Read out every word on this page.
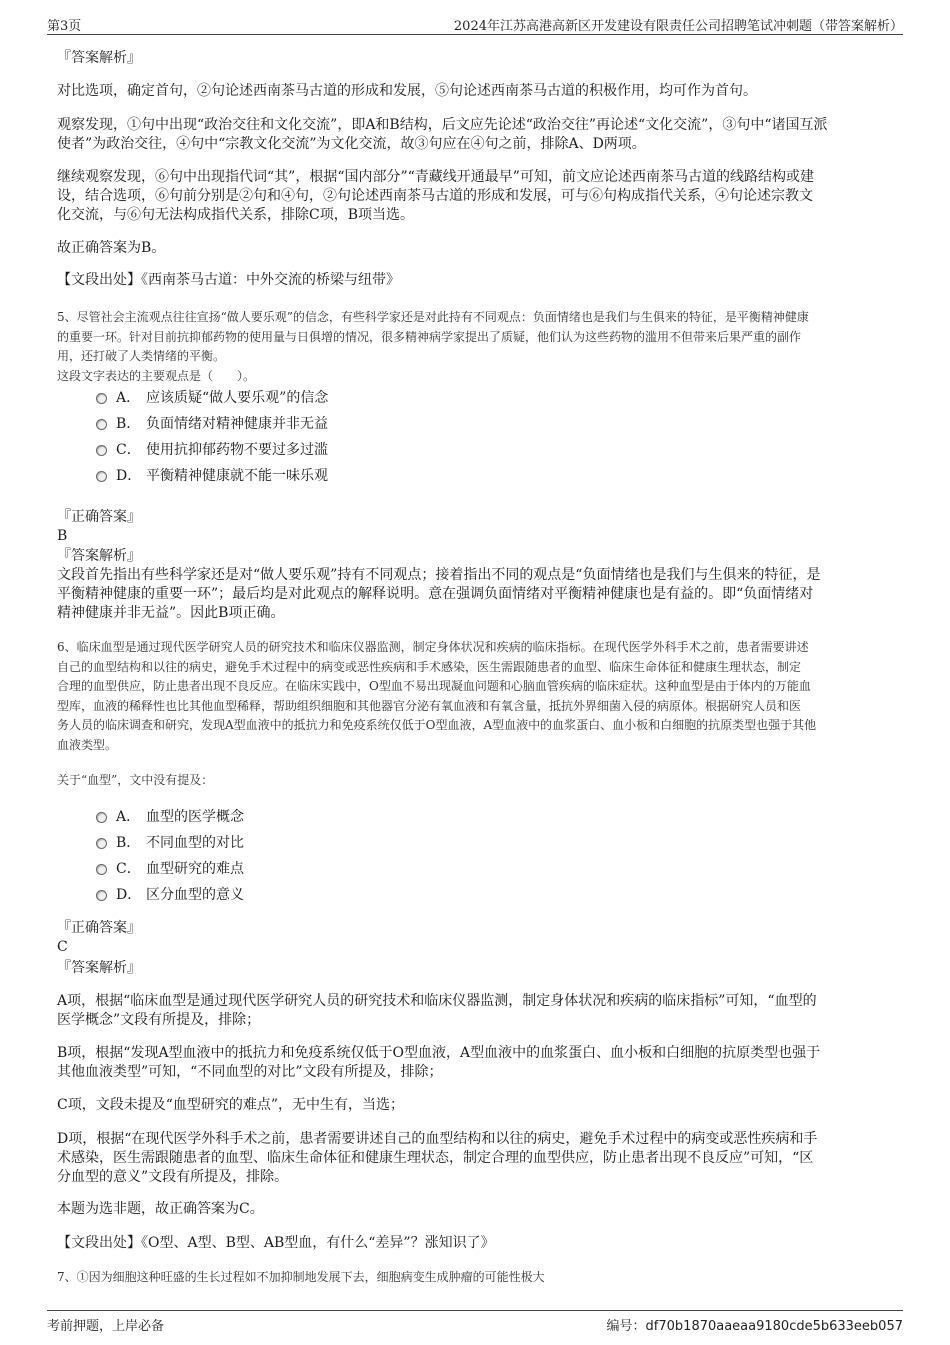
第3页	2024年江苏高港高新区开发建设有限责任公司招聘笔试冲刺题（带答案解析）
『答案解析』
对比选项，确定首句，②句论述西南茶马古道的形成和发展，⑤句论述西南茶马古道的积极作用，均可作为首句。
观察发现，①句中出现“政治交往和文化交流”，即A和B结构，后文应先论述“政治交往”再论述“文化交流”，③句中“诸国互派
使者”为政治交往，④句中“宗教文化交流”为文化交流，故③句应在④句之前，排除A、D两项。
继续观察发现，⑥句中出现指代词“其”，根据“国内部分”“青藏线开通最早”可知，前文应论述西南茶马古道的线路结构或建
设，结合选项，⑥句前分别是②句和④句，②句论述西南茶马古道的形成和发展，可与⑥句构成指代关系，④句论述宗教文
化交流，与⑥句无法构成指代关系，排除C项，B项当选。
故正确答案为B。
【文段出处】《西南茶马古道：中外交流的桥梁与纽带》
5、尽管社会主流观点往往宣扬“做人要乐观”的信念，有些科学家还是对此持有不同观点：负面情绪也是我们与生俱来的特征，是平衡精神健康
的重要一环。针对目前抗抑郁药物的使用量与日俱增的情况，很多精神病学家提出了质疑，他们认为这些药物的滥用不但带来后果严重的副作
用，还打破了人类情绪的平衡。
这段文字表达的主要观点是（　　）。
A． 应该质疑“做人要乐观”的信念
B． 负面情绪对精神健康并非无益
C． 使用抗抑郁药物不要过多过滥
D． 平衡精神健康就不能一味乐观
『正确答案』
B
『答案解析』
文段首先指出有些科学家还是对“做人要乐观”持有不同观点；接着指出不同的观点是“负面情绪也是我们与生俱来的特征，是
平衡精神健康的重要一环”；最后均是对此观点的解释说明。意在强调负面情绪对平衡精神健康也是有益的。即“负面情绪对
精神健康并非无益”。因此B项正确。
6、临床血型是通过现代医学研究人员的研究技术和临床仪器监测，制定身体状况和疾病的临床指标。在现代医学外科手术之前，患者需要讲述
自己的血型结构和以往的病史，避免手术过程中的病变或恶性疾病和手术感染，医生需跟随患者的血型、临床生命体征和健康生理状态，制定
合理的血型供应，防止患者出现不良反应。在临床实践中，O型血不易出现凝血问题和心脑血管疾病的临床症状。这种血型是由于体内的万能血
型库，血液的稀释性也比其他血型稀释，帮助组织细胞和其他器官分泌有氧血液和有氧含量，抵抗外界细菌入侵的病原体。根据研究人员和医
务人员的临床调查和研究，发现A型血液中的抵抗力和免疫系统仅低于O型血液，A型血液中的血浆蛋白、血小板和白细胞的抗原类型也强于其他
血液类型。
关于“血型”，文中没有提及：
A． 血型的医学概念
B． 不同血型的对比
C． 血型研究的难点
D． 区分血型的意义
『正确答案』
C
『答案解析』
A项，根据“临床血型是通过现代医学研究人员的研究技术和临床仪器监测，制定身体状况和疾病的临床指标”可知，“血型的
医学概念”文段有所提及，排除；
B项，根据“发现A型血液中的抵抗力和免疫系统仅低于O型血液，A型血液中的血浆蛋白、血小板和白细胞的抗原类型也强于
其他血液类型”可知，“不同血型的对比”文段有所提及，排除；
C项，文段未提及“血型研究的难点”，无中生有，当选；
D项，根据“在现代医学外科手术之前，患者需要讲述自己的血型结构和以往的病史，避免手术过程中的病变或恶性疾病和手
术感染，医生需跟随患者的血型、临床生命体征和健康生理状态，制定合理的血型供应，防止患者出现不良反应”可知，“区
分血型的意义”文段有所提及，排除。
本题为选非题，故正确答案为C。
【文段出处】《O型、A型、B型、AB型血，有什么“差异”？涨知识了》
7、①因为细胞这种旺盛的生长过程如不加抑制地发展下去，细胞病变生成肿瘤的可能性极大
考前押题，上岸必备	编号：df70b1870aaeaa9180cde5b633eeb057
